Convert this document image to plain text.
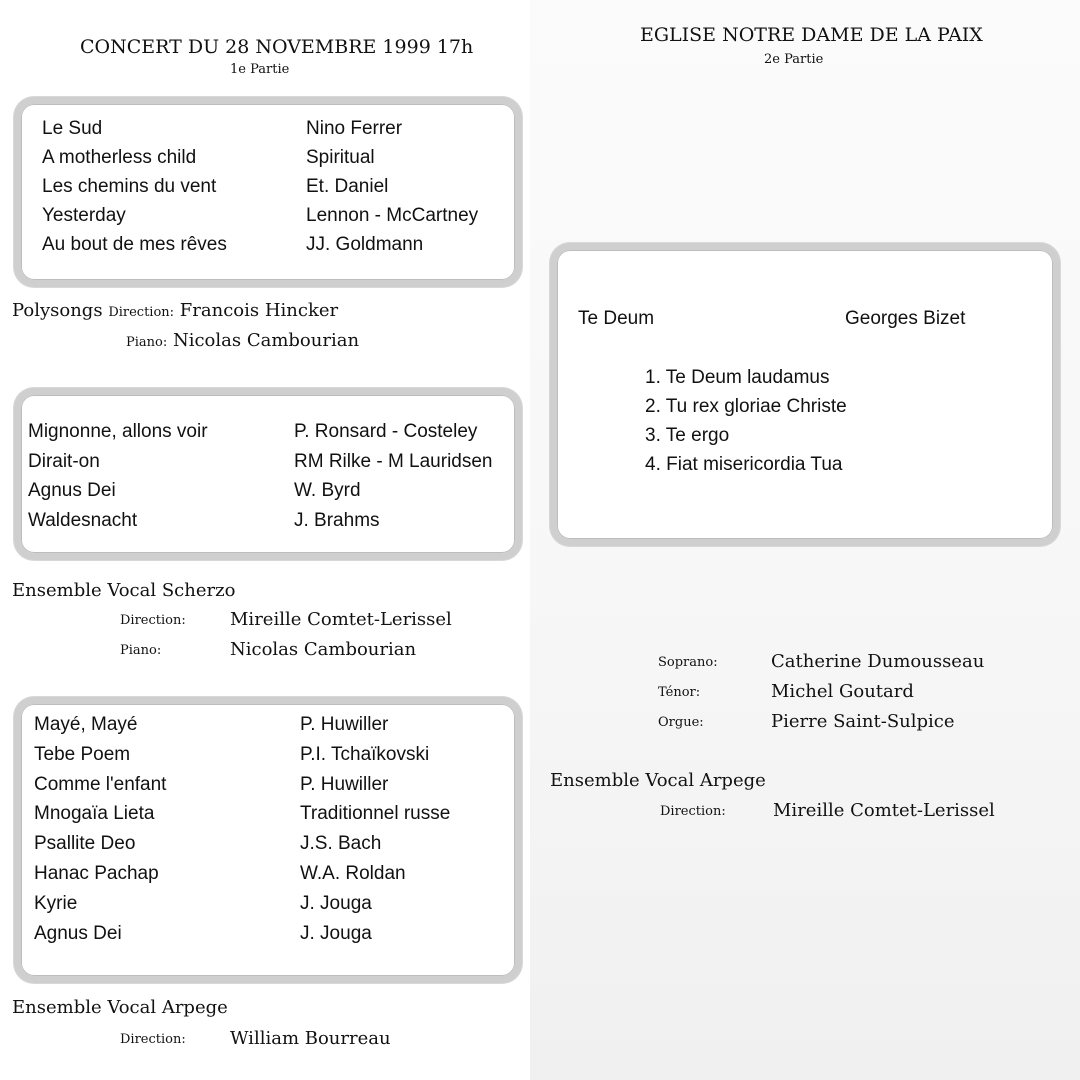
CONCERT DU 28 NOVEMBRE 1999 17h
1e Partie
Le Sud	Nino Ferrer
A motherless child	Spiritual
Les chemins du vent	Et. Daniel
Yesterday	Lennon - McCartney
Au bout de mes rêves	JJ. Goldmann
Polysongs Direction: Francois Hincker
Piano: Nicolas Cambourian
Mignonne, allons voir	P. Ronsard - Costeley
Dirait-on	RM Rilke - M Lauridsen
Agnus Dei	W. Byrd
Waldesnacht	J. Brahms
Ensemble Vocal Scherzo
Direction: Mireille Comtet-Lerissel
Piano:	Nicolas Cambourian
Mayé, Mayé	P. Huwiller
Tebe Poem	P.I. Tchaïkovski
Comme l'enfant	P. Huwiller
Mnogaïa Lieta	Traditionnel russe
Psallite Deo	J.S. Bach
Hanac Pachap	W.A. Roldan
Kyrie	J. Jouga
Agnus Dei	J. Jouga
Ensemble Vocal Arpege
Direction: William Bourreau
EGLISE NOTRE DAME DE LA PAIX
2e Partie
Te Deum	Georges Bizet
1. Te Deum laudamus
2. Tu rex gloriae Christe
3. Te ergo
4. Fiat misericordia Tua
Soprano:	Catherine Dumousseau
Ténor:	Michel Goutard
Orgue:	Pierre Saint-Sulpice
Ensemble Vocal Arpege
Direction:	Mireille Comtet-Lerissel
